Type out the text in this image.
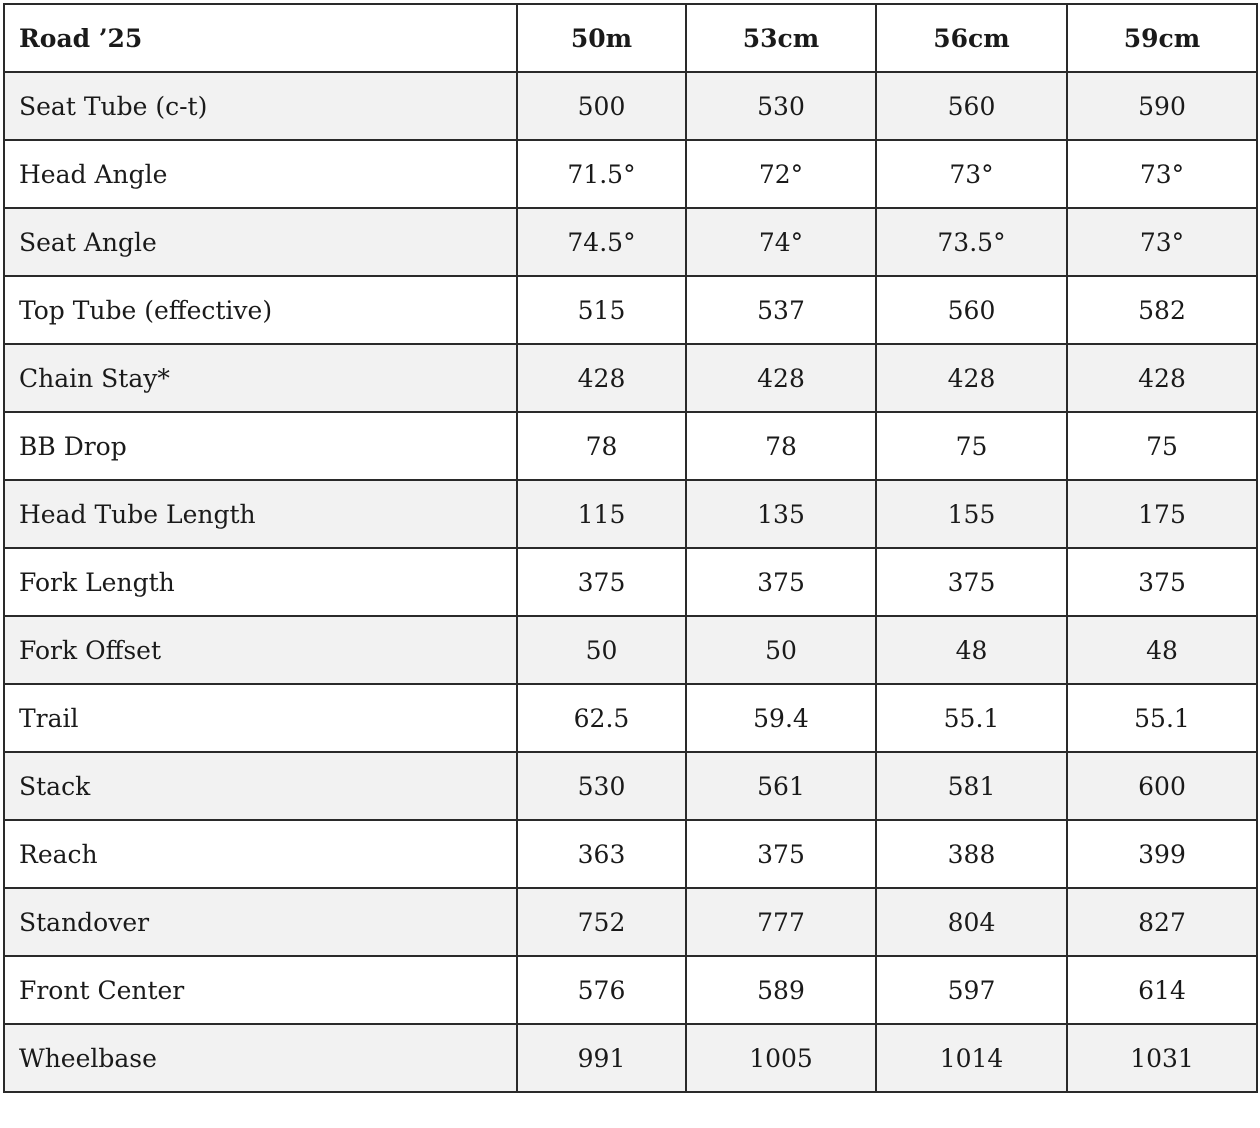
Road ’25	50m	53cm	56cm	59cm
Seat Tube (c-t)	500	530	560	590
Head Angle	71.5°	72°	73°	73°
Seat Angle	74.5°	74°	73.5°	73°
Top Tube (effective)	515	537	560	582
Chain Stay*	428	428	428	428
BB Drop	78	78	75	75
Head Tube Length	115	135	155	175
Fork Length	375	375	375	375
Fork Offset	50	50	48	48
Trail	62.5	59.4	55.1	55.1
Stack	530	561	581	600
Reach	363	375	388	399
Standover	752	777	804	827
Front Center	576	589	597	614
Wheelbase	991	1005	1014	1031
